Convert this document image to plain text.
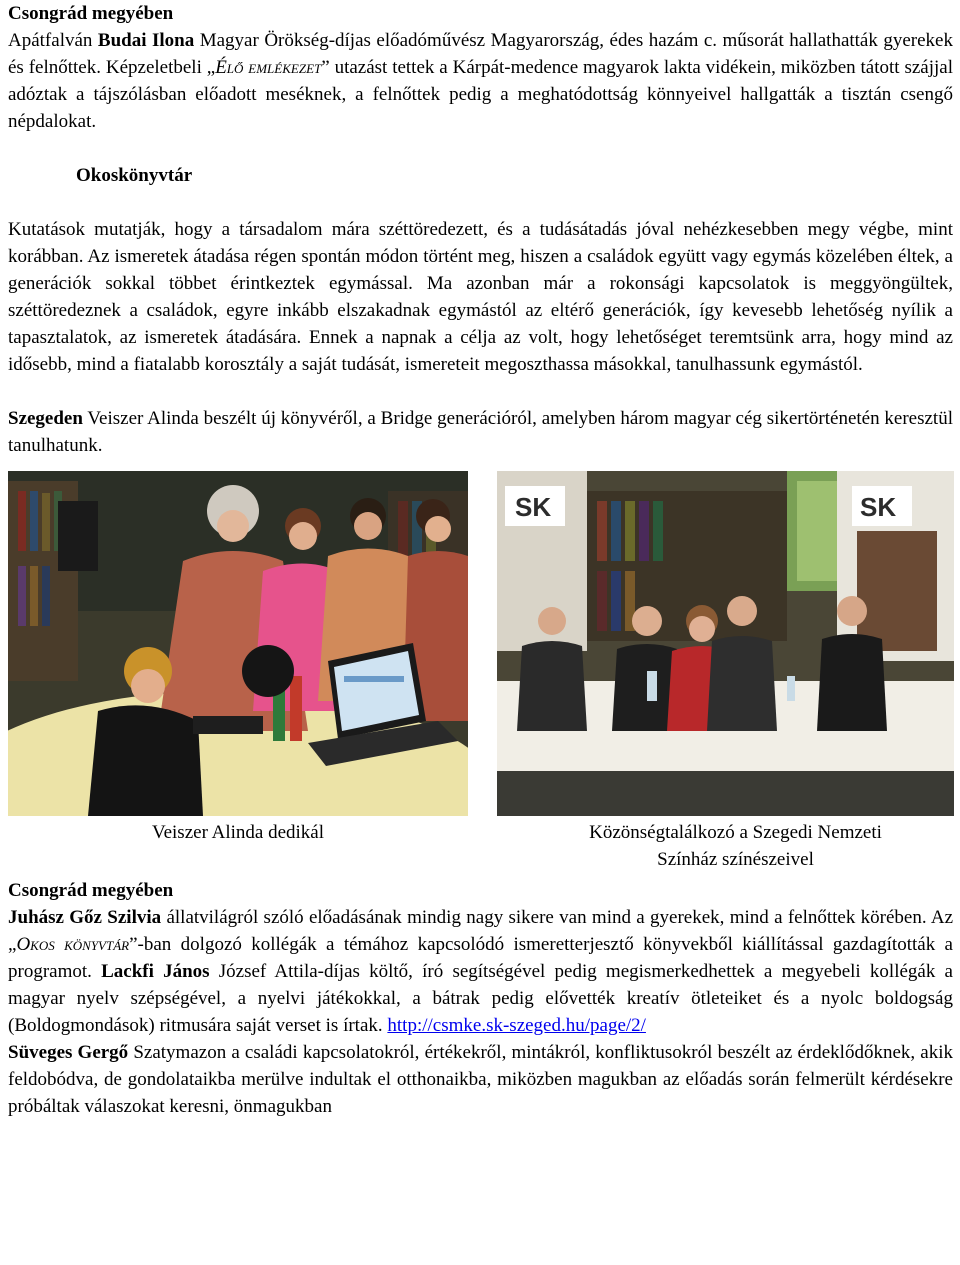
Csongrád megyében

Apátfalván Budai Ilona Magyar Örökség-díjas előadóművész Magyarország, édes hazám c. műsorát hallathatták gyerekek és felnőttek. Képzeletbeli „Élő emlékezet” utazást tettek a Kárpát-medence magyarok lakta vidékein, miközben tátott szájjal adóztak a tájszólásban előadott meséknek, a felnőttek pedig a meghatódottság könnyeivel hallgatták a tisztán csengő népdalokat.

Okoskönyvtár

Kutatások mutatják, hogy a társadalom mára széttöredezett, és a tudásátadás jóval nehézkesebben megy végbe, mint korábban. Az ismeretek átadása régen spontán módon történt meg, hiszen a családok együtt vagy egymás közelében éltek, a generációk sokkal többet érintkeztek egymással. Ma azonban már a rokonsági kapcsolatok is meggyöngültek, széttöredeznek a családok, egyre inkább elszakadnak egymástól az eltérő generációk, így kevesebb lehetőség nyílik a tapasztalatok, az ismeretek átadására. Ennek a napnak a célja az volt, hogy lehetőséget teremtsünk arra, hogy mind az idősebb, mind a fiatalabb korosztály a saját tudását, ismereteit megoszthassa másokkal, tanulhassunk egymástól.

Szegeden Veiszer Alinda beszélt új könyvéről, a Bridge generációról, amelyben három magyar cég sikertörténetén keresztül tanulhatunk.

SK	SK

Veiszer Alinda dedikál	Közönségtalálkozó a Szegedi Nemzeti
Színház színészeivel

Csongrád megyében

Juhász Gőz Szilvia állatvilágról szóló előadásának mindig nagy sikere van mind a gyerekek, mind a felnőttek körében. Az „Okos könyvtár”-ban dolgozó kollégák a témához kapcsolódó ismeretterjesztő könyvekből kiállítással gazdagították a programot. Lackfi János József Attila-díjas költő, író segítségével pedig megismerkedhettek a megyebeli kollégák a magyar nyelv szépségével, a nyelvi játékokkal, a bátrak pedig elővették kreatív ötleteiket és a nyolc boldogság (Boldogmondások) ritmusára saját verset is írtak. http://csmke.sk-szeged.hu/page/2/

Süveges Gergő Szatymazon a családi kapcsolatokról, értékekről, mintákról, konfliktusokról beszélt az érdeklődőknek, akik feldobódva, de gondolataikba merülve indultak el otthonaikba, miközben magukban az előadás során felmerült kérdésekre próbáltak válaszokat keresni, önmagukban
